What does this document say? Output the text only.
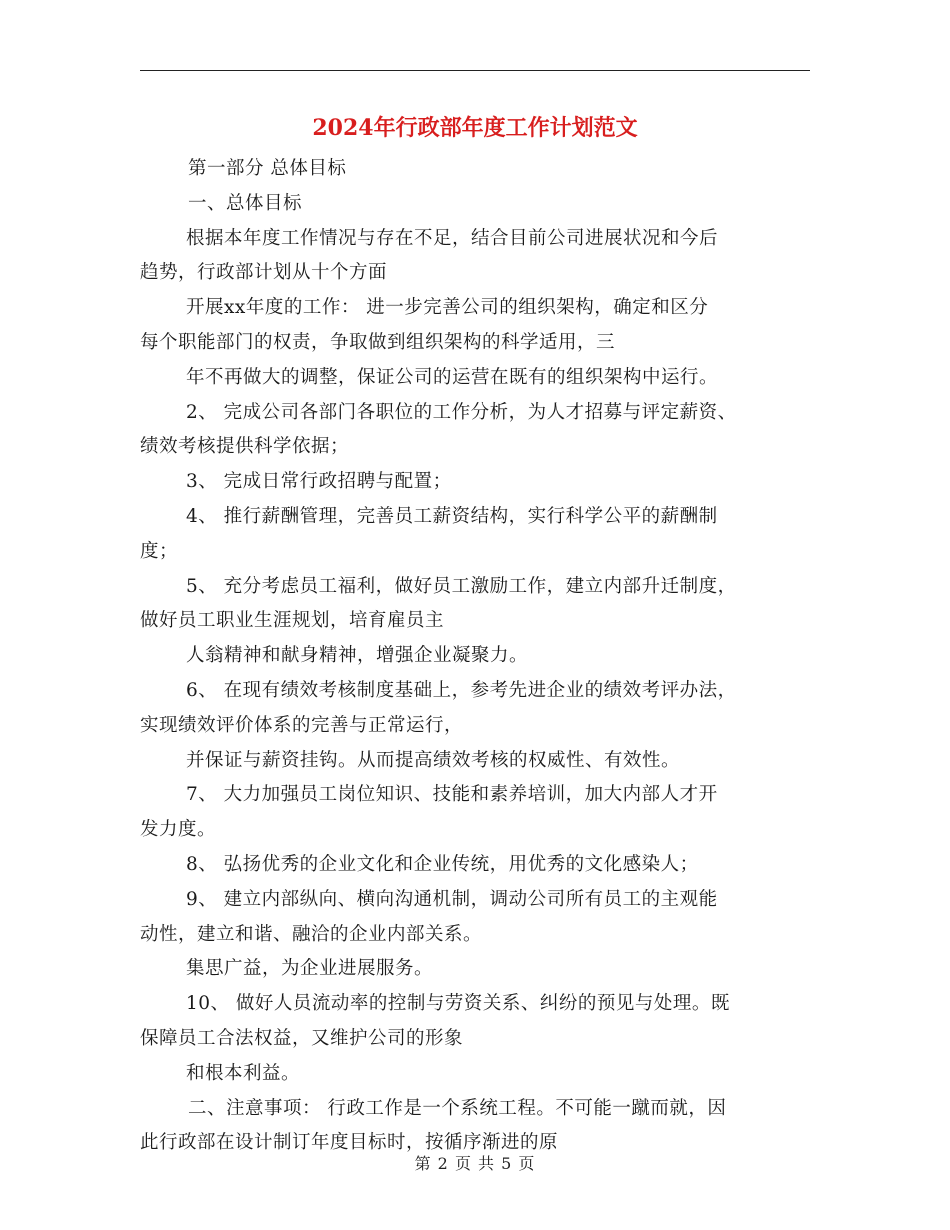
2024年行政部年度工作计划范文

第一部分 总体目标

一、总体目标

根据本年度工作情况与存在不足，结合目前公司进展状况和今后

趋势，行政部计划从十个方面

开展xx年度的工作： 进一步完善公司的组织架构，确定和区分

每个职能部门的权责，争取做到组织架构的科学适用，三

年不再做大的调整，保证公司的运营在既有的组织架构中运行。

2、 完成公司各部门各职位的工作分析，为人才招募与评定薪资、

绩效考核提供科学依据；

3、 完成日常行政招聘与配置；

4、 推行薪酬管理，完善员工薪资结构，实行科学公平的薪酬制

度；

5、 充分考虑员工福利，做好员工激励工作，建立内部升迁制度，

做好员工职业生涯规划，培育雇员主

人翁精神和献身精神，增强企业凝聚力。

6、 在现有绩效考核制度基础上，参考先进企业的绩效考评办法，

实现绩效评价体系的完善与正常运行，

并保证与薪资挂钩。从而提高绩效考核的权威性、有效性。

7、 大力加强员工岗位知识、技能和素养培训，加大内部人才开

发力度。

8、 弘扬优秀的企业文化和企业传统，用优秀的文化感染人；

9、 建立内部纵向、横向沟通机制，调动公司所有员工的主观能

动性，建立和谐、融洽的企业内部关系。

集思广益，为企业进展服务。

10、 做好人员流动率的控制与劳资关系、纠纷的预见与处理。既

保障员工合法权益，又维护公司的形象

和根本利益。

二、注意事项： 行政工作是一个系统工程。不可能一蹴而就，因

此行政部在设计制订年度目标时，按循序渐进的原

第 2 页 共 5 页
